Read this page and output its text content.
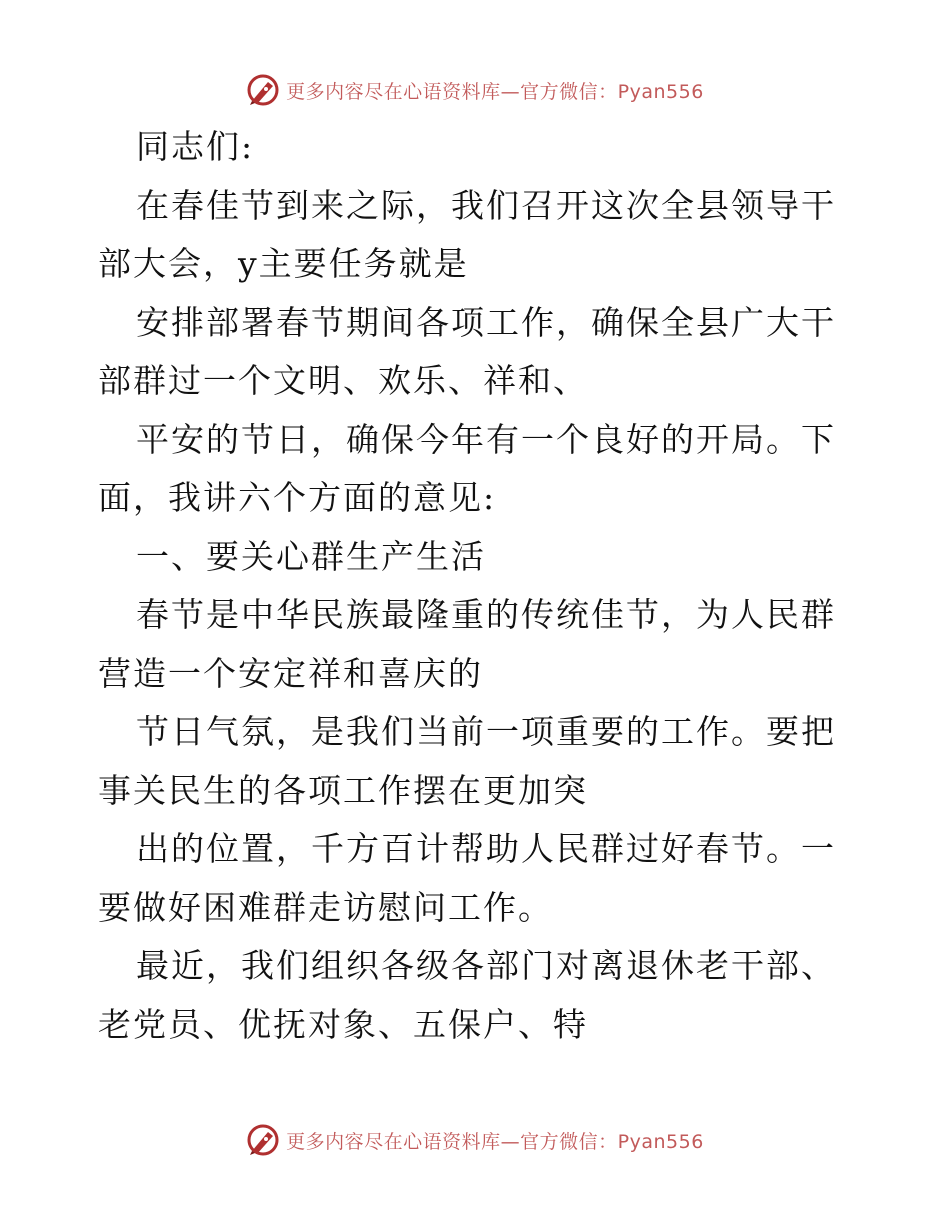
更多内容尽在心语资料库—官方微信：Pyan556

同志们:

在春佳节到来之际，我们召开这次全县领导干部大会，y主要任务就是

安排部署春节期间各项工作，确保全县广大干部群过一个文明、欢乐、祥和、

平安的节日，确保今年有一个良好的开局。下面，我讲六个方面的意见:

一、要关心群生产生活

春节是中华民族最隆重的传统佳节，为人民群营造一个安定祥和喜庆的

节日气氛，是我们当前一项重要的工作。要把事关民生的各项工作摆在更加突

出的位置，千方百计帮助人民群过好春节。一要做好困难群走访慰问工作。

最近，我们组织各级各部门对离退休老干部、老党员、优抚对象、五保户、特

更多内容尽在心语资料库—官方微信：Pyan556
